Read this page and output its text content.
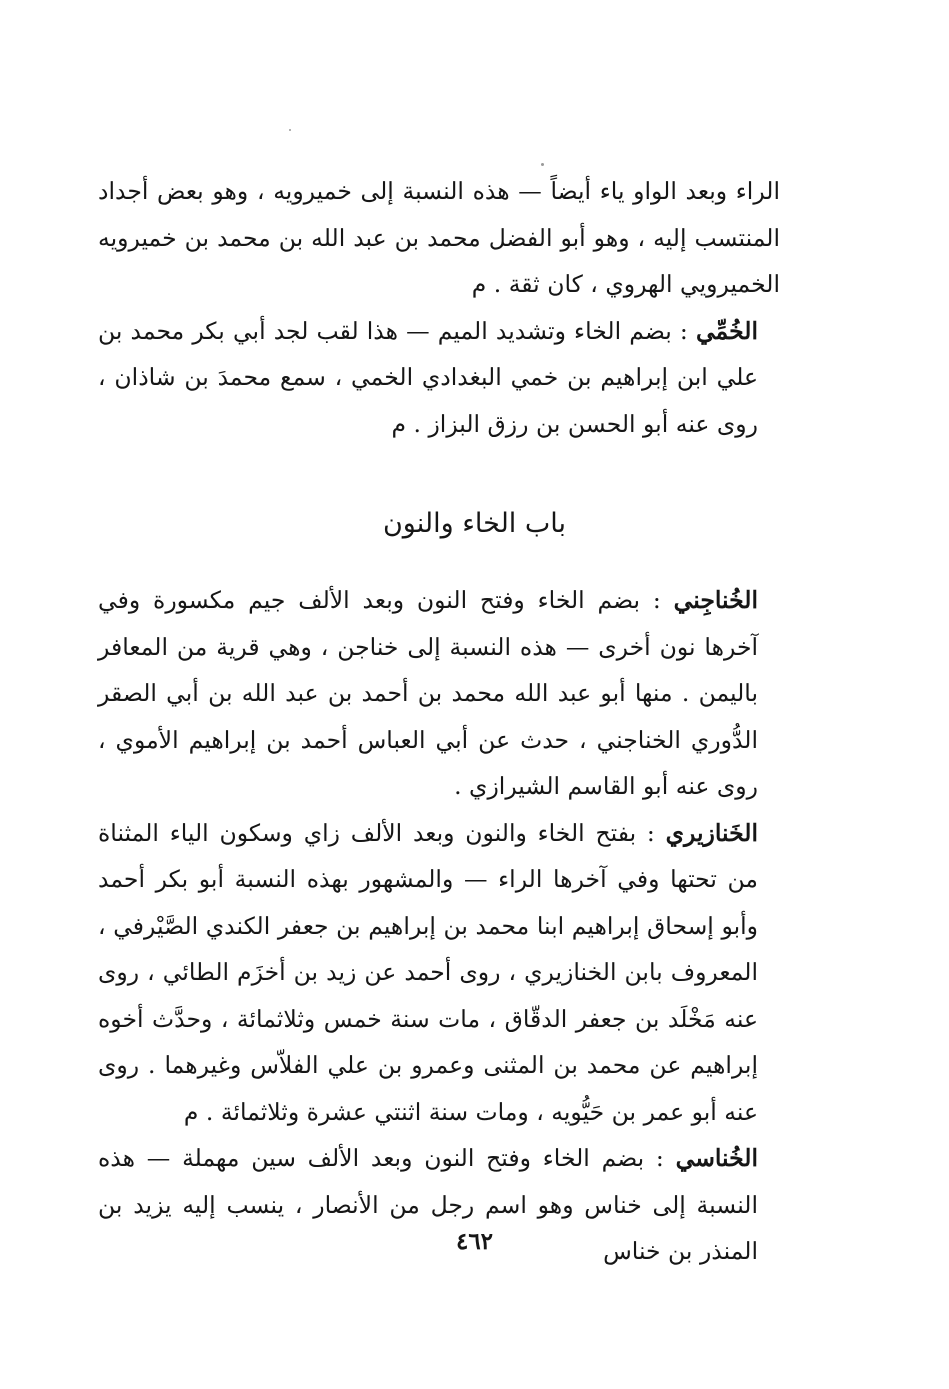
الراء وبعد الواو ياء أيضاً — هذه النسبة إلى خميرويه ، وهو بعض أجداد المنتسب إليه ، وهو أبو الفضل محمد بن عبد الله بن محمد بن خميرويه الخميرويي الهروي ، كان ثقة . م

الخُمِّي : بضم الخاء وتشديد الميم — هذا لقب لجد أبي بكر محمد بن علي ابن إبراهيم بن خمي البغدادي الخمي ، سمع محمدَ بن شاذان ، روى عنه أبو الحسن بن رزق البزاز . م

باب الخاء والنون

الخُناجِني : بضم الخاء وفتح النون وبعد الألف جيم مكسورة وفي آخرها نون أخرى — هذه النسبة إلى خناجن ، وهي قرية من المعافر باليمن . منها أبو عبد الله محمد بن أحمد بن عبد الله بن أبي الصقر الدُّوري الخناجني ، حدث عن أبي العباس أحمد بن إبراهيم الأموي ، روى عنه أبو القاسم الشيرازي .

الخَنازيري : بفتح الخاء والنون وبعد الألف زاي وسكون الياء المثناة من تحتها وفي آخرها الراء — والمشهور بهذه النسبة أبو بكر أحمد وأبو إسحاق إبراهيم ابنا محمد بن إبراهيم بن جعفر الكندي الصَّيْرفي ، المعروف بابن الخنازيري ، روى أحمد عن زيد بن أخزَم الطائي ، روى عنه مَخْلَد بن جعفر الدقّاق ، مات سنة خمس وثلاثمائة ، وحدَّث أخوه إبراهيم عن محمد بن المثنى وعمرو بن علي الفلاّس وغيرهما . روى عنه أبو عمر بن حَيُّويه ، ومات سنة اثنتي عشرة وثلاثمائة . م

الخُناسي : بضم الخاء وفتح النون وبعد الألف سين مهملة — هذه النسبة إلى خناس وهو اسم رجل من الأنصار ، ينسب إليه يزيد بن المنذر بن خناس

٤٦٢
